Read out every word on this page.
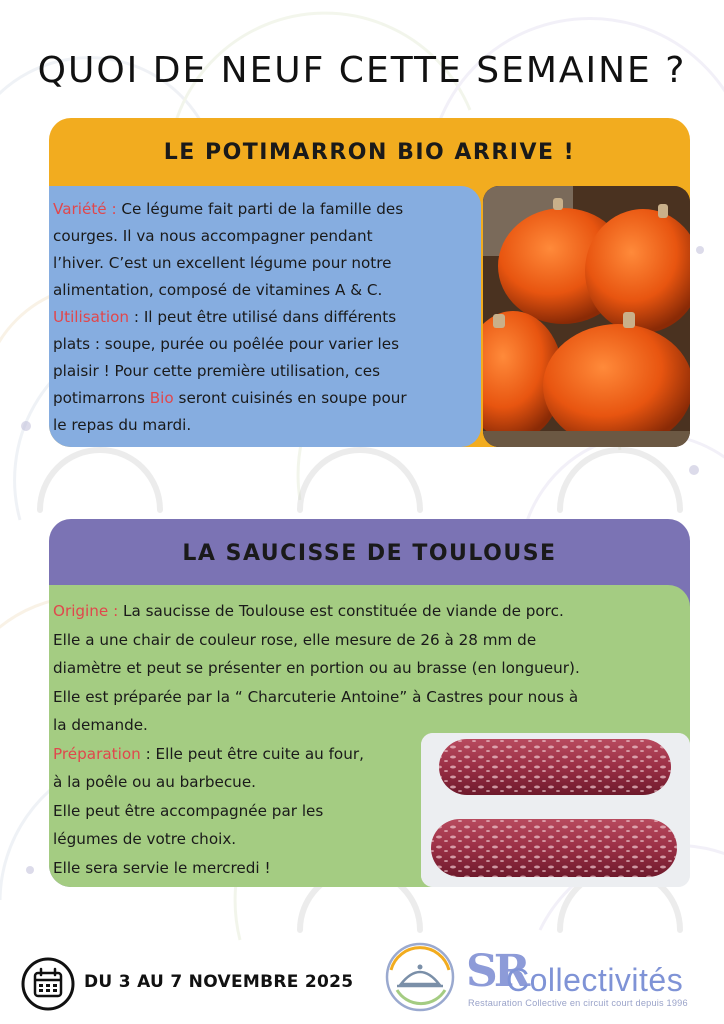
QUOI DE NEUF CETTE SEMAINE ?
LE POTIMARRON BIO ARRIVE !
Variété : Ce légume fait parti de la famille des
courges. Il va nous accompagner pendant
l’hiver. C’est un excellent légume pour notre
alimentation, composé de vitamines A & C.
Utilisation : Il peut être utilisé dans différents
plats : soupe, purée ou poêlée pour varier les
plaisir ! Pour cette première utilisation, ces
potimarrons Bio seront cuisinés en soupe pour
le repas du mardi.
LA SAUCISSE DE TOULOUSE
Origine : La saucisse de Toulouse est constituée de viande de porc.
Elle a une chair de couleur rose, elle mesure de 26 à 28 mm de
diamètre et peut se présenter en portion ou au brasse (en longueur).
Elle est préparée par la “ Charcuterie Antoine” à Castres pour nous à
la demande.
Préparation : Elle peut être cuite au four,
à la poêle ou au barbecue.
Elle peut être accompagnée par les
légumes de votre choix.
Elle sera servie le mercredi !
DU 3 AU 7 NOVEMBRE 2025	SR
Collectivités
Restauration Collective en circuit court depuis 1996
